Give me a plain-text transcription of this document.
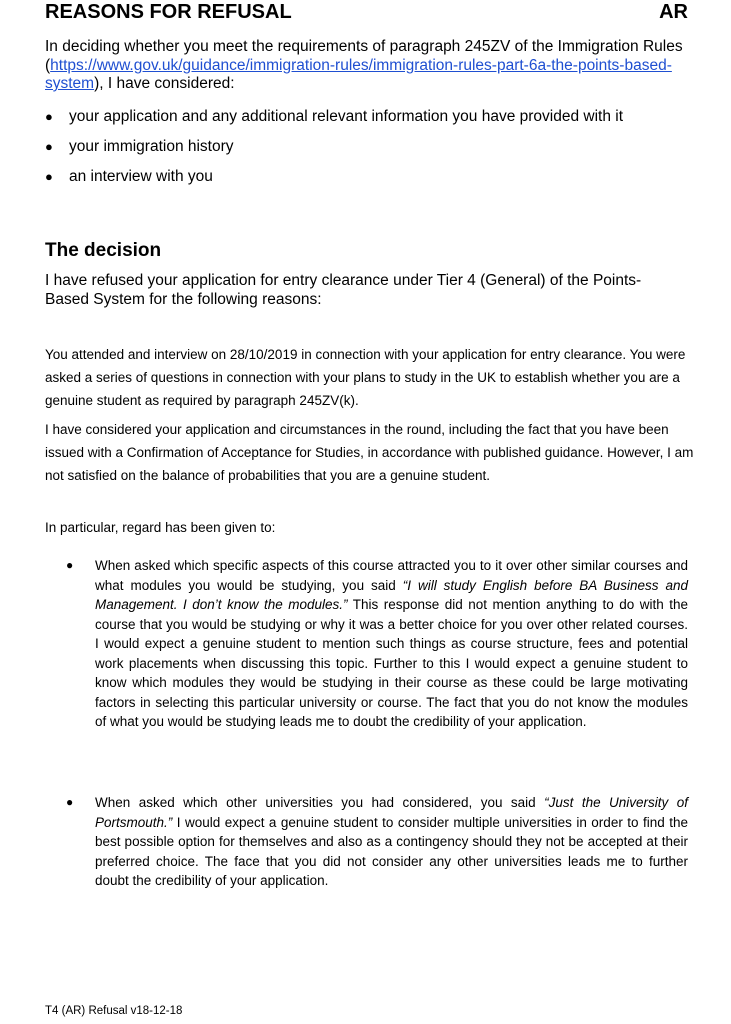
REASONS FOR REFUSAL	AR
In deciding whether you meet the requirements of paragraph 245ZV of the Immigration Rules (https://www.gov.uk/guidance/immigration-rules/immigration-rules-part-6a-the-points-based-system), I have considered:
● your application and any additional relevant information you have provided with it
● your immigration history
● an interview with you
The decision
I have refused your application for entry clearance under Tier 4 (General) of the Points-Based System for the following reasons:
You attended and interview on 28/10/2019 in connection with your application for entry clearance. You were asked a series of questions in connection with your plans to study in the UK to establish whether you are a genuine student as required by paragraph 245ZV(k).
I have considered your application and circumstances in the round, including the fact that you have been issued with a Confirmation of Acceptance for Studies, in accordance with published guidance. However, I am not satisfied on the balance of probabilities that you are a genuine student.
In particular, regard has been given to:
● When asked which specific aspects of this course attracted you to it over other similar courses and what modules you would be studying, you said “I will study English before BA Business and Management. I don’t know the modules.” This response did not mention anything to do with the course that you would be studying or why it was a better choice for you over other related courses. I would expect a genuine student to mention such things as course structure, fees and potential work placements when discussing this topic. Further to this I would expect a genuine student to know which modules they would be studying in their course as these could be large motivating factors in selecting this particular university or course. The fact that you do not know the modules of what you would be studying leads me to doubt the credibility of your application.
● When asked which other universities you had considered, you said “Just the University of Portsmouth.” I would expect a genuine student to consider multiple universities in order to find the best possible option for themselves and also as a contingency should they not be accepted at their preferred choice. The face that you did not consider any other universities leads me to further doubt the credibility of your application.
T4 (AR) Refusal v18-12-18
